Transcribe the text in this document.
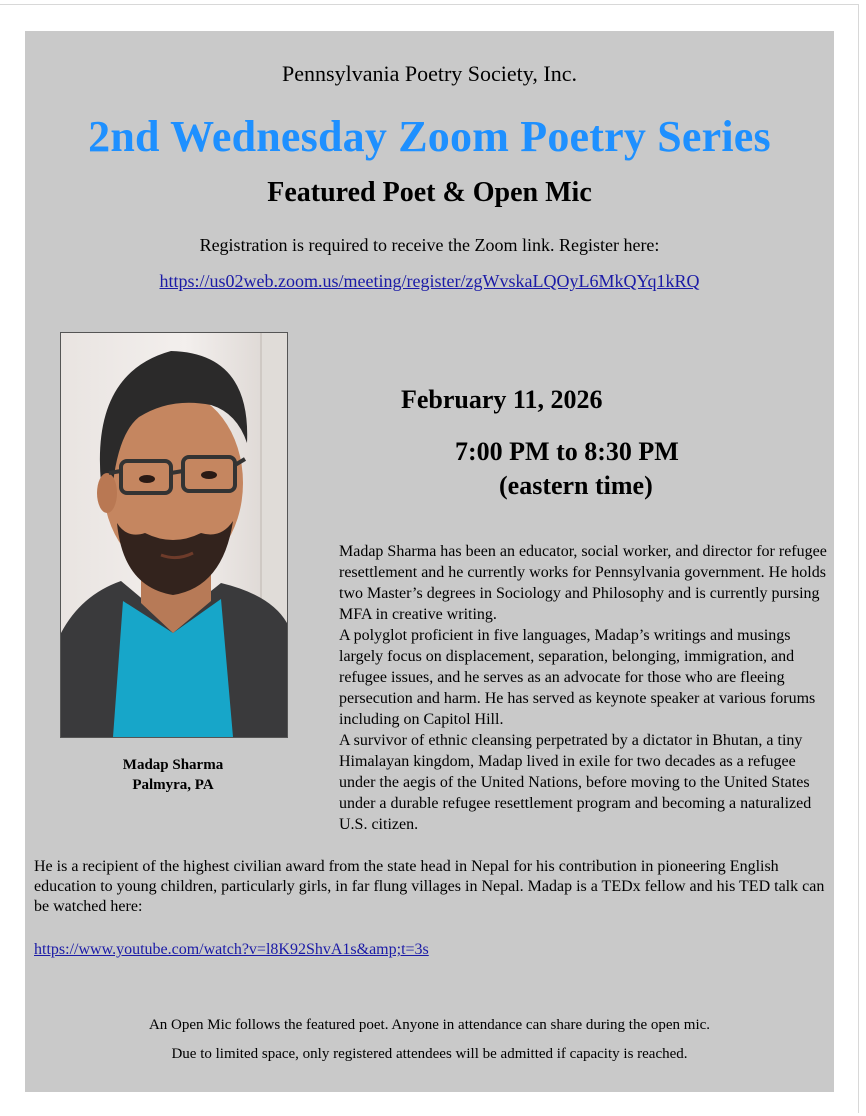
Pennsylvania Poetry Society, Inc.
2nd Wednesday Zoom Poetry Series
Featured Poet & Open Mic
Registration is required to receive the Zoom link. Register here:
https://us02web.zoom.us/meeting/register/zgWvskaLQOyL6MkQYq1kRQ
Madap Sharma
Palmyra, PA
February 11, 2026
7:00 PM to 8:30 PM
(eastern time)

Madap Sharma has been an educator, social worker, and director for refugee resettlement and he currently works for Pennsylvania government. He holds two Master’s degrees in Sociology and Philosophy and is currently pursing MFA in creative writing.

A polyglot proficient in five languages, Madap’s writings and musings largely focus on displacement, separation, belonging, immigration, and refugee issues, and he serves as an advocate for those who are fleeing persecution and harm. He has served as keynote speaker at various forums including on Capitol Hill.

A survivor of ethnic cleansing perpetrated by a dictator in Bhutan, a tiny Himalayan kingdom, Madap lived in exile for two decades as a refugee under the aegis of the United Nations, before moving to the United States under a durable refugee resettlement program and becoming a naturalized U.S. citizen.

He is a recipient of the highest civilian award from the state head in Nepal for his contribution in pioneering English education to young children, particularly girls, in far flung villages in Nepal. Madap is a TEDx fellow and his TED talk can be watched here:
https://www.youtube.com/watch?v=l8K92ShvA1s&amp;t=3s
An Open Mic follows the featured poet. Anyone in attendance can share during the open mic.
Due to limited space, only registered attendees will be admitted if capacity is reached.
